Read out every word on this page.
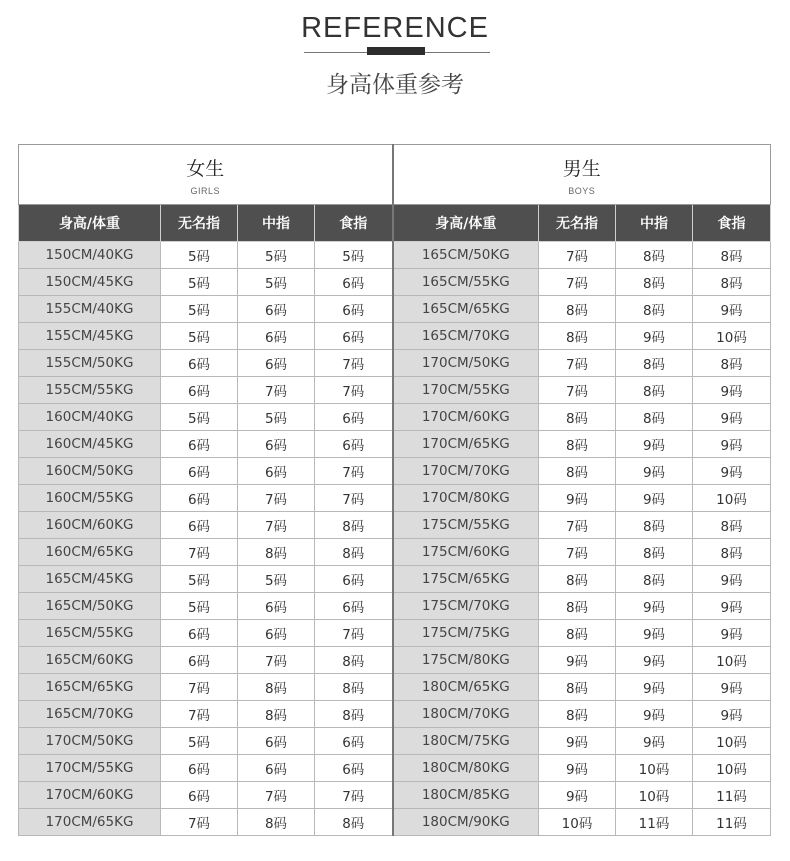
REFERENCE
身高体重参考
女生
GIRLS				男生
BOYS			

身高/体重	无名指	中指	食指	身高/体重	无名指	中指	食指
150CM/40KG	5码	5码	5码	165CM/50KG	7码	8码	8码
150CM/45KG	5码	5码	6码	165CM/55KG	7码	8码	8码
155CM/40KG	5码	6码	6码	165CM/65KG	8码	8码	9码
155CM/45KG	5码	6码	6码	165CM/70KG	8码	9码	10码
155CM/50KG	6码	6码	7码	170CM/50KG	7码	8码	8码
155CM/55KG	6码	7码	7码	170CM/55KG	7码	8码	9码
160CM/40KG	5码	5码	6码	170CM/60KG	8码	8码	9码
160CM/45KG	6码	6码	6码	170CM/65KG	8码	9码	9码
160CM/50KG	6码	6码	7码	170CM/70KG	8码	9码	9码
160CM/55KG	6码	7码	7码	170CM/80KG	9码	9码	10码
160CM/60KG	6码	7码	8码	175CM/55KG	7码	8码	8码
160CM/65KG	7码	8码	8码	175CM/60KG	7码	8码	8码
165CM/45KG	5码	5码	6码	175CM/65KG	8码	8码	9码
165CM/50KG	5码	6码	6码	175CM/70KG	8码	9码	9码
165CM/55KG	6码	6码	7码	175CM/75KG	8码	9码	9码
165CM/60KG	6码	7码	8码	175CM/80KG	9码	9码	10码
165CM/65KG	7码	8码	8码	180CM/65KG	8码	9码	9码
165CM/70KG	7码	8码	8码	180CM/70KG	8码	9码	9码
170CM/50KG	5码	6码	6码	180CM/75KG	9码	9码	10码
170CM/55KG	6码	6码	6码	180CM/80KG	9码	10码	10码
170CM/60KG	6码	7码	7码	180CM/85KG	9码	10码	11码
170CM/65KG	7码	8码	8码	180CM/90KG	10码	11码	11码
